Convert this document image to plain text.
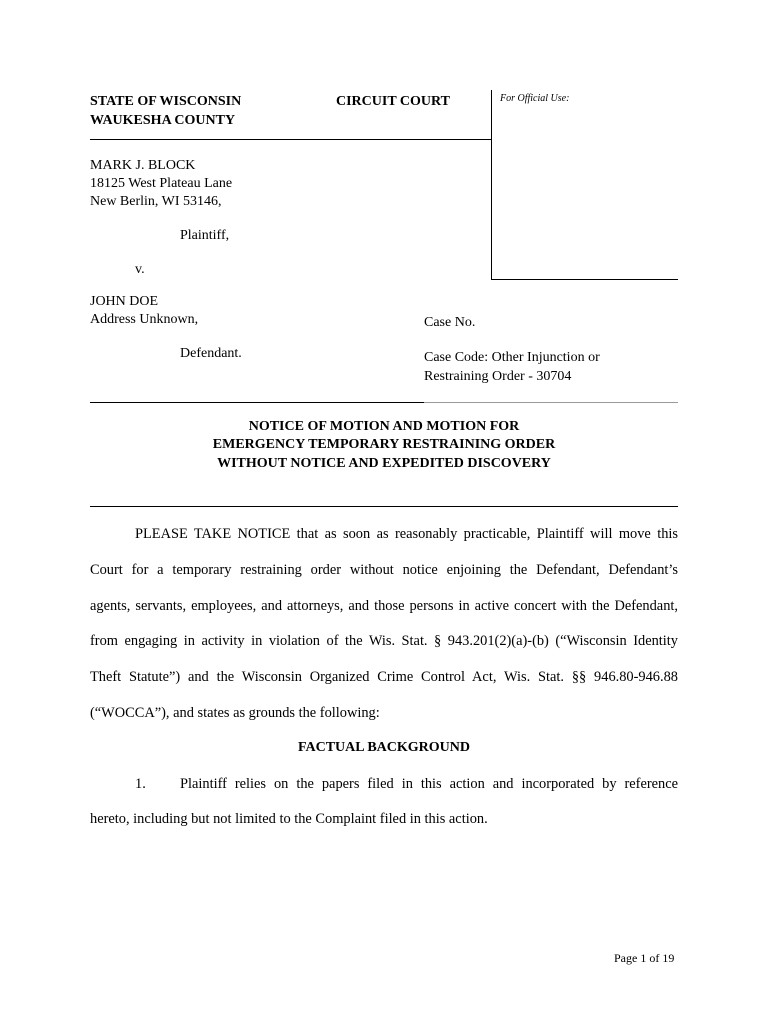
STATE OF WISCONSIN
WAUKESHA COUNTY
CIRCUIT COURT	For Official Use:
MARK J. BLOCK
18125 West Plateau Lane
New Berlin, WI 53146,
Plaintiff,
v.
JOHN DOE
Address Unknown,
Defendant.
Case No.
Case Code: Other Injunction or
Restraining Order - 30704
NOTICE OF MOTION AND MOTION FOR
EMERGENCY TEMPORARY RESTRAINING ORDER
WITHOUT NOTICE AND EXPEDITED DISCOVERY
PLEASE TAKE NOTICE that as soon as reasonably practicable, Plaintiff will move this
Court for a temporary restraining order without notice enjoining the Defendant, Defendant’s
agents, servants, employees, and attorneys, and those persons in active concert with the Defendant,
from engaging in activity in violation of the Wis. Stat. § 943.201(2)(a)-(b) (“Wisconsin Identity
Theft Statute”) and the Wisconsin Organized Crime Control Act, Wis. Stat. §§ 946.80-946.88
(“WOCCA”), and states as grounds the following:
FACTUAL BACKGROUND
1. Plaintiff relies on the papers filed in this action and incorporated by reference
hereto, including but not limited to the Complaint filed in this action.
Page 1 of 19
